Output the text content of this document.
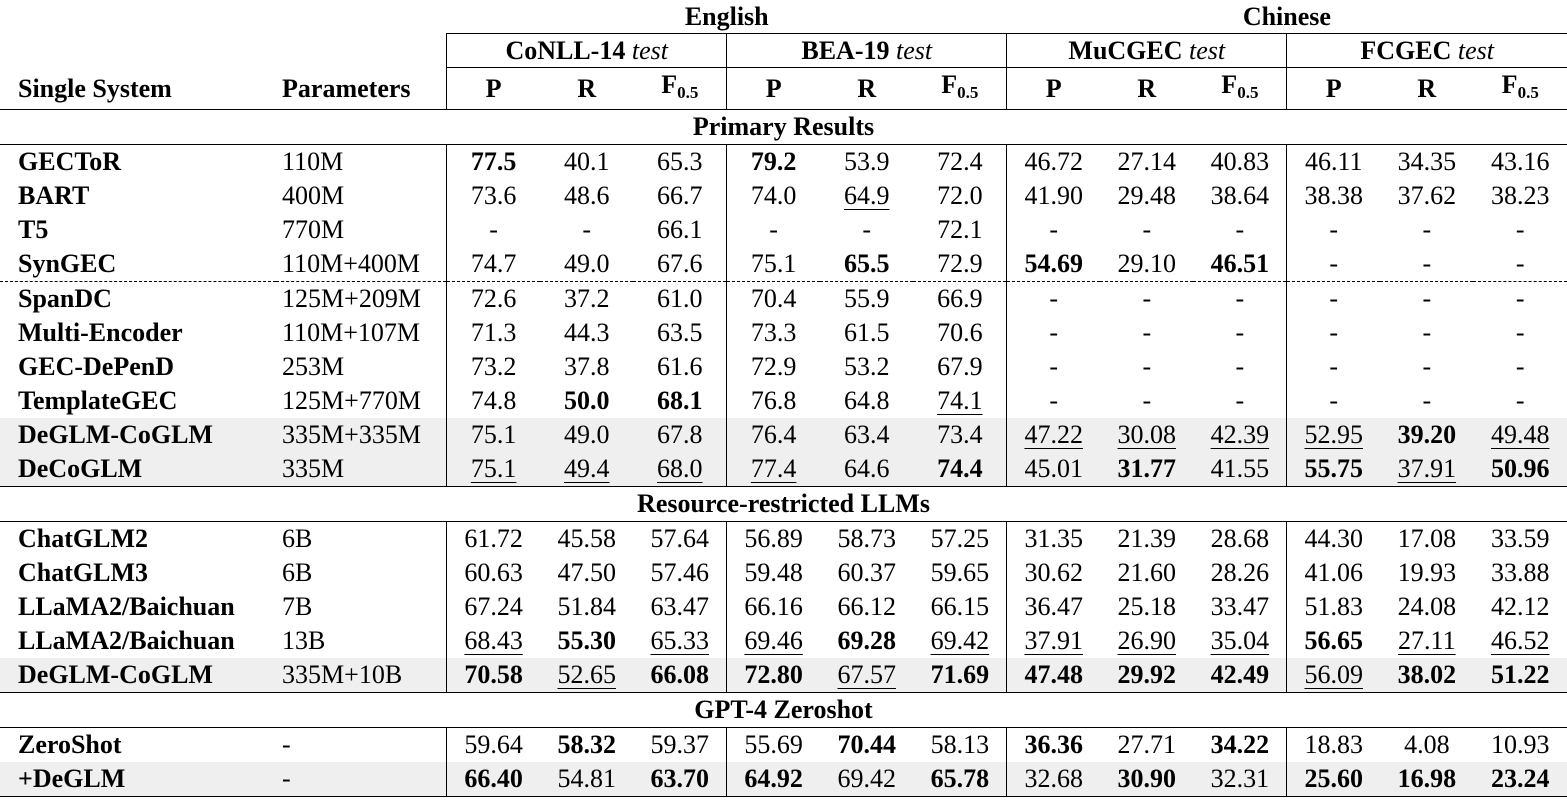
		English						Chinese					
		CoNLL-14 test			BEA-19 test			MuCGEC test			FCGEC test		
Single System	Parameters	P	R	$F_{0.5}$	P	R	$F_{0.5}$	P	R	$F_{0.5}$	P	R	$F_{0.5}$
Primary Results													
GECToR	110M	77.5	40.1	65.3	79.2	53.9	72.4	46.72	27.14	40.83	46.11	34.35	43.16
BART	400M	73.6	48.6	66.7	74.0	64.9	72.0	41.90	29.48	38.64	38.38	37.62	38.23
T5	770M	-	-	66.1	-	-	72.1	-	-	-	-	-	-
SynGEC	110M+400M	74.7	49.0	67.6	75.1	65.5	72.9	54.69	29.10	46.51	-	-	-
SpanDC	125M+209M	72.6	37.2	61.0	70.4	55.9	66.9	-	-	-	-	-	-
Multi-Encoder	110M+107M	71.3	44.3	63.5	73.3	61.5	70.6	-	-	-	-	-	-
GEC-DePenD	253M	73.2	37.8	61.6	72.9	53.2	67.9	-	-	-	-	-	-
TemplateGEC	125M+770M	74.8	50.0	68.1	76.8	64.8	74.1	-	-	-	-	-	-
DeGLM-CoGLM	335M+335M	75.1	49.0	67.8	76.4	63.4	73.4	47.22	30.08	42.39	52.95	39.20	49.48
DeCoGLM	335M	75.1	49.4	68.0	77.4	64.6	74.4	45.01	31.77	41.55	55.75	37.91	50.96
Resource-restricted LLMs													
ChatGLM2	6B	61.72	45.58	57.64	56.89	58.73	57.25	31.35	21.39	28.68	44.30	17.08	33.59
ChatGLM3	6B	60.63	47.50	57.46	59.48	60.37	59.65	30.62	21.60	28.26	41.06	19.93	33.88
LLaMA2/Baichuan	7B	67.24	51.84	63.47	66.16	66.12	66.15	36.47	25.18	33.47	51.83	24.08	42.12
LLaMA2/Baichuan	13B	68.43	55.30	65.33	69.46	69.28	69.42	37.91	26.90	35.04	56.65	27.11	46.52
DeGLM-CoGLM	335M+10B	70.58	52.65	66.08	72.80	67.57	71.69	47.48	29.92	42.49	56.09	38.02	51.22
GPT-4 Zeroshot													
ZeroShot	-	59.64	58.32	59.37	55.69	70.44	58.13	36.36	27.71	34.22	18.83	4.08	10.93
+DeGLM	-	66.40	54.81	63.70	64.92	69.42	65.78	32.68	30.90	32.31	25.60	16.98	23.24
